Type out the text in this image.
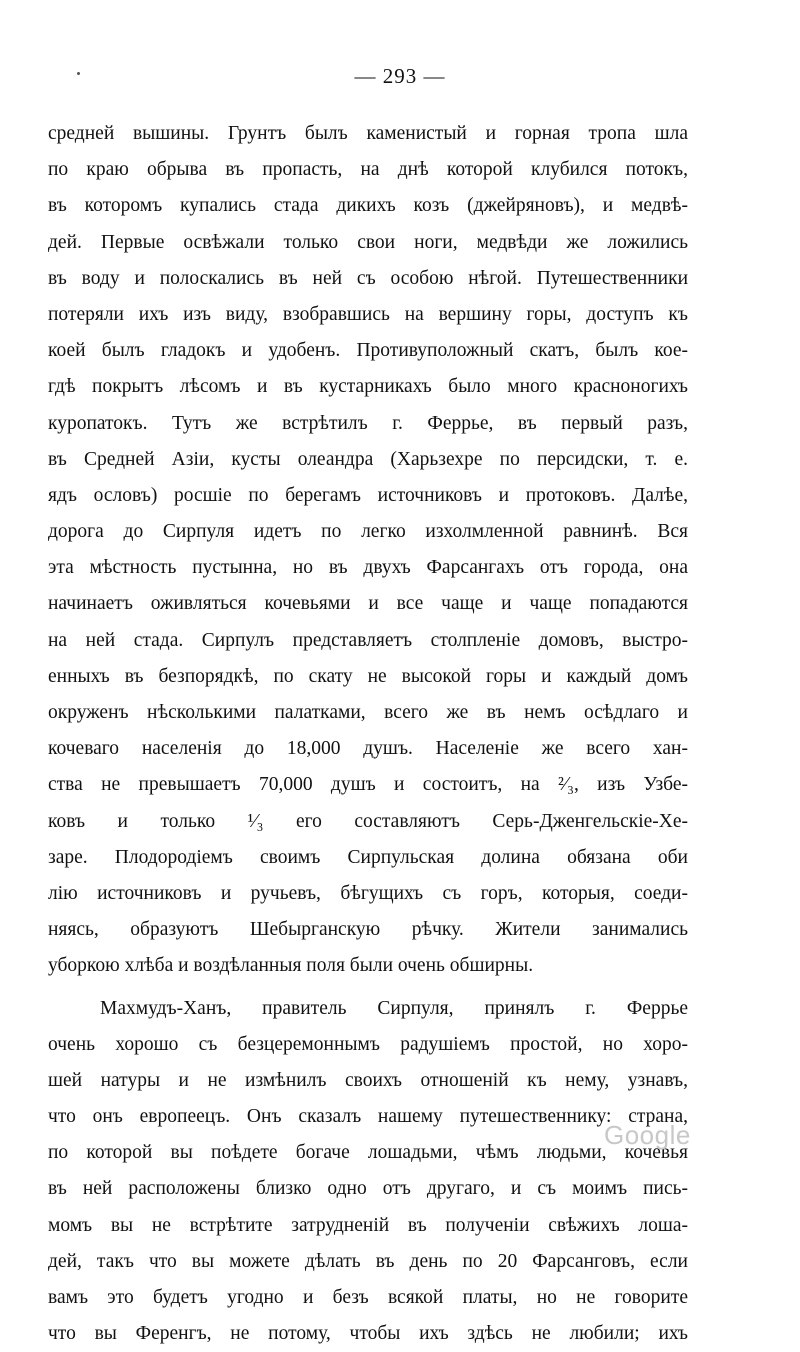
— 293 —
средней вышины. Грунтъ былъ каменистый и горная тропа шла
по краю обрыва въ пропасть, на днѣ которой клубился потокъ,
въ которомъ купались стада дикихъ козъ (джейряновъ), и медвѣ-
дей. Первые освѣжали только свои ноги, медвѣди же ложились
въ воду и полоскались въ ней съ особою нѣгой. Путешественники
потеряли ихъ изъ виду, взобравшись на вершину горы, доступъ къ
коей былъ гладокъ и удобенъ. Противуположный скатъ, былъ кое-
гдѣ покрытъ лѣсомъ и въ кустарникахъ было много красноногихъ
куропатокъ. Тутъ же встрѣтилъ г. Феррье, въ первый разъ,
въ Средней Азіи, кусты олеандра (Харьзехре по персидски, т. е.
ядъ ословъ) росшіе по берегамъ источниковъ и протоковъ. Далѣе,
дорога до Сирпуля идетъ по легко изхолмленной равнинѣ. Вся
эта мѣстность пустынна, но въ двухъ Фарсангахъ отъ города, она
начинаетъ оживляться кочевьями и все чаще и чаще попадаются
на ней стада. Сирпулъ представляетъ столпленіе домовъ, выстро-
енныхъ въ безпорядкѣ, по скату не высокой горы и каждый домъ
окруженъ нѣсколькими палатками, всего же въ немъ осѣдлаго и
кочеваго населенія до 18,000 душъ. Населеніе же всего хан-
ства не превышаетъ 70,000 душъ и состоитъ, на ²⁄₃, изъ Узбе-
ковъ и только ¹⁄₃ его составляютъ Серь-Дженгельскіе-Хе-
заре. Плодородіемъ своимъ Сирпульская долина обязана оби
лію источниковъ и ручьевъ, бѣгущихъ съ горъ, которыя, соеди-
няясь, образуютъ Шебырганскую рѣчку. Жители занимались
уборкою хлѣба и воздѣланныя поля были очень обширны.
Махмудъ-Ханъ, правитель Сирпуля, принялъ г. Феррье
очень хорошо съ безцеремоннымъ радушіемъ простой, но хоро-
шей натуры и не измѣнилъ своихъ отношеній къ нему, узнавъ,
что онъ европеецъ. Онъ сказалъ нашему путешественнику: страна,
по которой вы поѣдете богаче лошадьми, чѣмъ людьми, кочевья
въ ней расположены близко одно отъ другаго, и съ моимъ пись-
момъ вы не встрѣтите затрудненій въ полученіи свѣжихъ лоша-
дей, такъ что вы можете дѣлать въ день по 20 Фарсанговъ, если
вамъ это будетъ угодно и безъ всякой платы, но не говорите
что вы Ференгъ, не потому, чтобы ихъ здѣсь не любили; ихъ
Google
